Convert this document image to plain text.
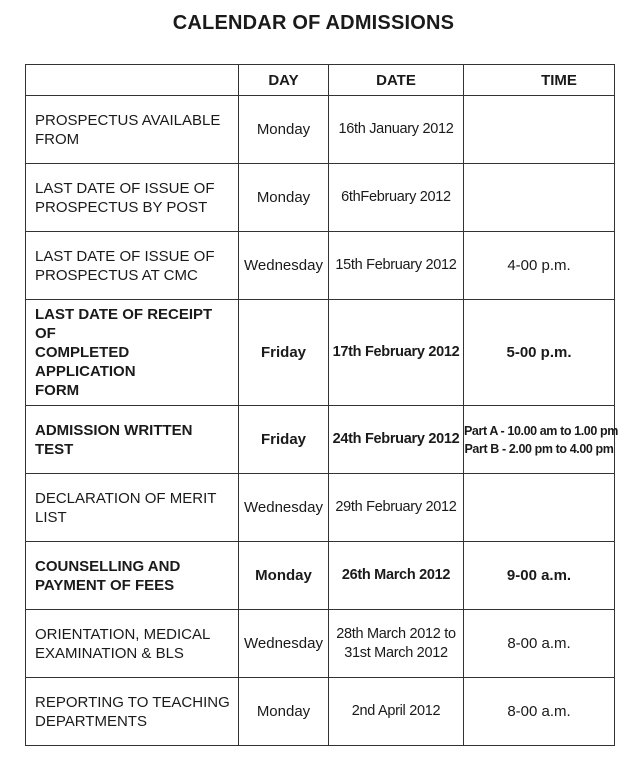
CALENDAR OF ADMISSIONS
	DAY	DATE	TIME

PROSPECTUS AVAILABLE
FROM	Monday	16th January 2012	

LAST DATE OF ISSUE OF
PROSPECTUS BY POST	Monday	6thFebruary 2012	

LAST DATE OF ISSUE OF
PROSPECTUS AT CMC	Wednesday	15th February 2012	4-00 p.m.

LAST DATE OF RECEIPT OF
COMPLETED APPLICATION
FORM	Friday	17th February 2012	5-00 p.m.

ADMISSION WRITTEN TEST	Friday	24th February 2012	Part A - 10.00 am to 1.00 pm
Part B - 2.00 pm to 4.00 pm

DECLARATION OF MERIT LIST	Wednesday	29th February 2012	

COUNSELLING AND
PAYMENT OF FEES	Monday	26th March 2012	9-00 a.m.

ORIENTATION, MEDICAL
EXAMINATION & BLS	Wednesday	28th March 2012 to
31st March 2012	8-00 a.m.

REPORTING TO TEACHING
DEPARTMENTS	Monday	2nd April 2012	8-00 a.m.
